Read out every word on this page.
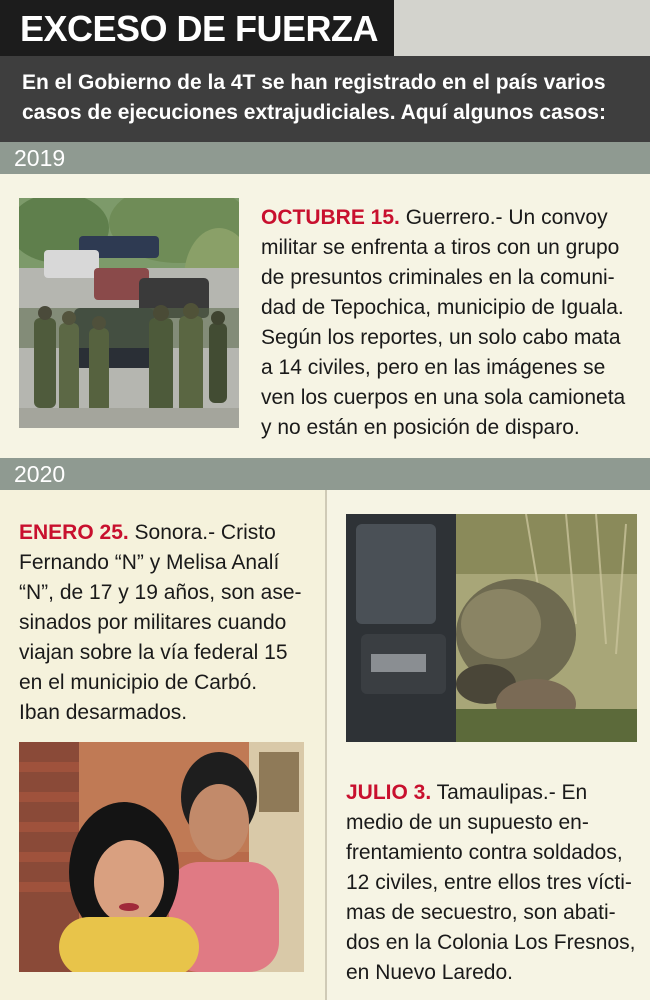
EXCESO DE FUERZA
En el Gobierno de la 4T se han registrado en el país varios casos de ejecuciones extrajudiciales. Aquí algunos casos:
2019

OCTUBRE 15. Guerrero.- Un convoy

militar se enfrenta a tiros con un grupo

de presuntos criminales en la comuni-

dad de Tepochica, municipio de Iguala.

Según los reportes, un solo cabo mata

a 14 civiles, pero en las imágenes se

ven los cuerpos en una sola camioneta

y no están en posición de disparo.

2020

ENERO 25. Sonora.- Cristo

Fernando “N” y Melisa Analí

“N”, de 17 y 19 años, son ase-

sinados por militares cuando

viajan sobre la vía federal 15

en el municipio de Carbó.

Iban desarmados.

JULIO 3. Tamaulipas.- En

medio de un supuesto en-

frentamiento contra soldados,

12 civiles, entre ellos tres vícti-

mas de secuestro, son abati-

dos en la Colonia Los Fresnos,

en Nuevo Laredo.
